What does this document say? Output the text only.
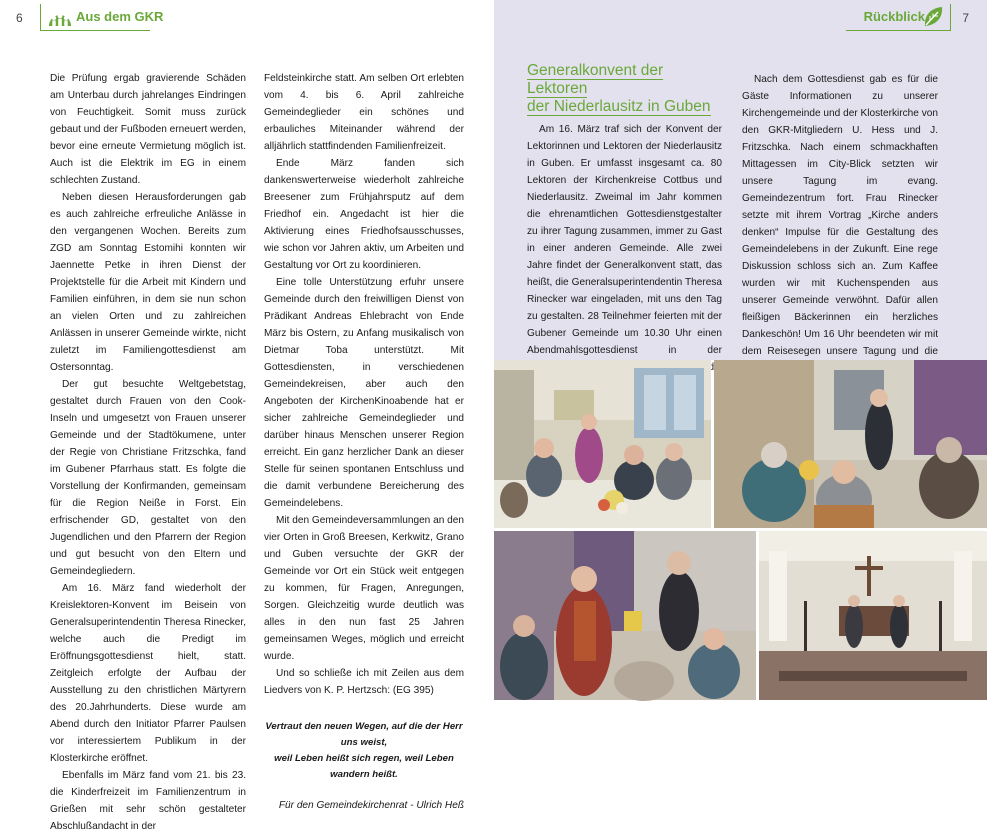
6	Aus dem GKR

Die Prüfung ergab gravierende Schäden am Unterbau durch jahrelanges Eindringen von Feuchtigkeit. Somit muss zurück gebaut und der Fußboden erneuert werden, bevor eine erneute Vermietung möglich ist. Auch ist die Elektrik im EG in einem schlechten Zustand.

Neben diesen Herausforderungen gab es auch zahlreiche erfreuliche Anlässe in den vergangenen Wochen. Bereits zum ZGD am Sonntag Estomihi konnten wir Jaennette Petke in ihren Dienst der Projektstelle für die Arbeit mit Kindern und Familien einführen, in dem sie nun schon an vielen Orten und zu zahlreichen Anlässen in unserer Gemeinde wirkte, nicht zuletzt im Familiengottesdienst am Ostersonntag.

Der gut besuchte Weltgebetstag, gestaltet durch Frauen von den Cook-Inseln und umgesetzt von Frauen unserer Gemeinde und der Stadtökumene, unter der Regie von Christiane Fritzschka, fand im Gubener Pfarrhaus statt. Es folgte die Vorstellung der Konfirmanden, gemeinsam für die Region Neiße in Forst. Ein erfrischender GD, gestaltet von den Jugendlichen und den Pfarrern der Region und gut besucht von den Eltern und Gemeindegliedern.

Am 16. März fand wiederholt der Kreislektoren-Konvent im Beisein von Generalsuperintendentin Theresa Rinecker, welche auch die Predigt im Eröffnungsgottesdienst hielt, statt. Zeitgleich erfolgte der Aufbau der Ausstellung zu den christlichen Märtyrern des 20.Jahrhunderts. Diese wurde am Abend durch den Initiator Pfarrer Paulsen vor interessiertem Publikum in der Klosterkirche eröffnet.

Ebenfalls im März fand vom 21. bis 23. die Kinderfreizeit im Familienzentrum in Grießen mit sehr schön gestalteter Abschlußandacht in der

Feldsteinkirche statt. Am selben Ort erlebten vom 4. bis 6. April zahlreiche Gemeindeglieder ein schönes und erbauliches Miteinander während der alljährlich stattfindenden Familienfreizeit.

Ende März fanden sich dankenswerterweise wiederholt zahlreiche Breesener zum Frühjahrsputz auf dem Friedhof ein. Angedacht ist hier die Aktivierung eines Friedhofsausschusses, wie schon vor Jahren aktiv, um Arbeiten und Gestaltung vor Ort zu koordinieren.

Eine tolle Unterstützung erfuhr unsere Gemeinde durch den freiwilligen Dienst von Prädikant Andreas Ehlebracht von Ende März bis Ostern, zu Anfang musikalisch von Dietmar Toba unterstützt. Mit Gottesdiensten, in verschiedenen Gemeindekreisen, aber auch den Angeboten der KirchenKinoabende hat er sicher zahlreiche Gemeindeglieder und darüber hinaus Menschen unserer Region erreicht. Ein ganz herzlicher Dank an dieser Stelle für seinen spontanen Entschluss und die damit verbundene Bereicherung des Gemeindelebens.

Mit den Gemeindeversammlungen an den vier Orten in Groß Breesen, Kerkwitz, Grano und Guben versuchte der GKR der Gemeinde vor Ort ein Stück weit entgegen zu kommen, für Fragen, Anregungen, Sorgen. Gleichzeitig wurde deutlich was alles in den nun fast 25 Jahren gemeinsamen Weges, möglich und erreicht wurde.

Und so schließe ich mit Zeilen aus dem Liedvers von K. P. Hertzsch: (EG 395)

Vertraut den neuen Wegen, auf die der Herr uns weist,
weil Leben heißt sich regen, weil Leben wandern heißt.

Für den Gemeindekirchenrat - Ulrich Heß

Rückblick	7
Generalkonvent der Lektoren
der Niederlausitz in Guben

Am 16. März traf sich der Konvent der Lektorinnen und Lektoren der Niederlausitz in Guben. Er umfasst insgesamt ca. 80 Lektoren der Kirchenkreise Cottbus und Niederlausitz. Zweimal im Jahr kommen die ehrenamtlichen Gottesdienstgestalter zu ihrer Tagung zusammen, immer zu Gast in einer anderen Gemeinde. Alle zwei Jahre findet der Generalkonvent statt, das heißt, die Generalsuperintendentin Theresa Rinecker war eingeladen, mit uns den Tag zu gestalten. 28 Teilnehmer feierten mit der Gubener Gemeinde um 10.30 Uhr einen Abendmahlsgottesdienst in der

Nach dem Gottesdienst gab es für die Gäste Informationen zu unserer Kirchengemeinde und der Klosterkirche von den GKR-Mitgliedern U. Hess und J. Fritzschka. Nach einem schmackhaften Mittagessen im City-Blick setzten wir unsere Tagung im evang. Gemeindezentrum fort. Frau Rinecker setzte mit ihrem Vortrag „Kirche anders denken“ Impulse für die Gestaltung des Gemeindelebens in der Zukunft. Eine rege Diskussion schloss sich an. Zum Kaffee wurden wir mit Kuchenspenden aus unserer Gemeinde verwöhnt. Dafür allen fleißigen Bäckerinnen ein herzliches Dankeschön! Um 16 Uhr beendeten wir mit dem Reisesegen unsere Tagung und die
